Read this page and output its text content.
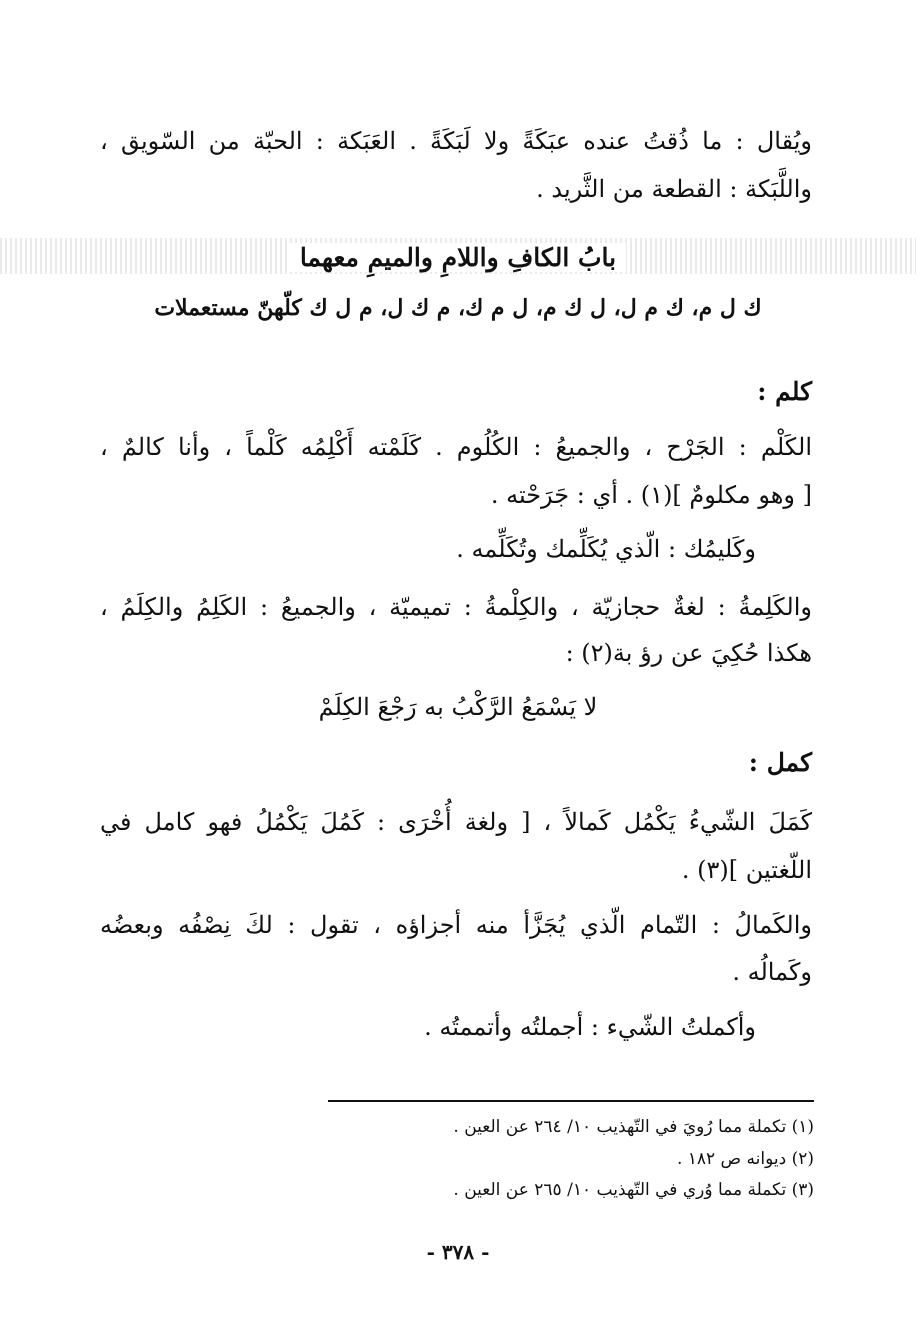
ويُقال : ما ذُقتُ عنده عبَكَةً ولا لَبَكَةً . العَبَكة : الحبّة من السّويق ،
واللَّبَكة : القطعة من الثَّريد .
بابُ الكافِ واللامِ والميمِ معهما
ك ل م، ك م ل، ل ك م، ل م ك، م ك ل، م ل ك كلّهنّ مستعملات
كلم :
الكَلْم : الجَرْح ، والجميعُ : الكُلُوم . كَلَمْته أَكْلِمُه كَلْماً ، وأنا كالمٌ ،
[ وهو مكلومٌ ](١) . أي : جَرَحْته .
وكَليمُك : الّذي يُكَلِّمك وتُكَلِّمه .
والكَلِمةُ : لغةٌ حجازيّة ، والكِلْمةُ : تميميّة ، والجميعُ : الكَلِمُ والكِلَمُ ،
هكذا حُكِيَ عن رؤ بة(٢) :
لا يَسْمَعُ الرَّكْبُ به رَجْعَ الكِلَمْ
كمل :
كَمَلَ الشّيءُ يَكْمُل كَمالاً ، [ ولغة أُخْرَى : كَمُلَ يَكْمُلُ فهو كامل في
اللّغتين ](٣) .
والكَمالُ : التّمام الّذي يُجَزَّأ منه أجزاؤه ، تقول : لكَ نِصْفُه وبعضُه
وكَمالُه .
وأكملتُ الشّيء : أجملتُه وأتممتُه .
(١) تكملة مما رُويَ في التّهذيب ١٠/ ٢٦٤ عن العين .
(٢) ديوانه ص ١٨٢ .
(٣) تكملة مما وُري في التّهذيب ١٠/ ٢٦٥ عن العين .
- ٣٧٨ -
